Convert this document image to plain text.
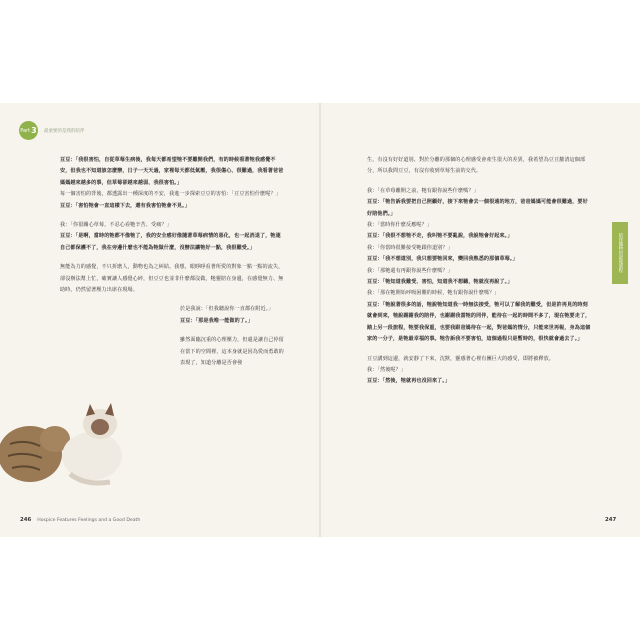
Part 3 最重要的是我的陪伴

豆豆：「我很害怕，自從草莓生病後，我每天都希望牠不要離開我們，有的時候看著牠我感覺不安，但我也不知道該怎麼辦，日子一天天過，家裡每天都低氣壓，我很傷心、很難過，我看著爸爸媽媽越來越多的事，但草莓卻越來越弱、我很害怕。」

每一個害怕的背後，都透露出一種深度的不安，我進一步探索豆豆的害怕：「豆豆害怕什麼呢？」

豆豆：「害怕牠會一直這樣下去，還有我害怕牠會不見。」

我：「你很關心草莓，不忍心看牠辛苦、受痛？」

豆豆：「是啊，當時的牠都不像牠了，我的安全感好像隨著草莓病情的惡化，也一起消退了，牠連自己都保護不了，我在旁邊什麼也不能為牠做什麼，沒辦法讓牠好一點，我很難受。」

無能為力的感覺，不只折磨人，動物也為之糾結。我想，眼睜睜看著所愛的對象一點一點的流失，卻沒辦法幫上忙，確實讓人感覺心碎，但豆豆也並非什麼都沒做，牠靈陪在身邊，在感覺無力、無助時，仍然留著壓力出席在現場。

於是我說：「但我聽說你一直都在附近。」

豆豆：「那是我唯一能做的了。」

雖然面臨沉重的心理壓力，但還是讓自己停留在當下的空間裡，這本身就是因為愛而勇敢的表現了，知道分離是否會發

生，有沒有好好道別、對於分離的那個的心理感受會產生很大的差異，我希望為豆豆釐清這個部分，所以我問豆豆，有沒有收到草莓生前的交代。

我：「在草莓離開之前，牠有跟你說些什麼嗎？」

豆豆：「牠告訴我要把自己照顧好，接下來牠會去一個很遠的地方，爸爸媽媽可能會很難過，要好好陪他們。」

我：「當時你什麼反應呢？」

豆豆：「我很不想牠不走，我叫牠不要亂說，我說牠會好起來。」

我：「你當時很難接受牠跟你道別？」

豆豆：「我不想道別，我只想要牠回來，變回我熟悉的那個草莓。」

我：「那牠還有再跟你說些什麼嗎？」

豆豆：「牠知道我難受、害怕，知道我不想聽，牠就沒再說了。」

我：「那在牠開始呼吸困難的時候，牠有跟你說什麼嗎？」

豆豆：「牠說著很多的話，牠說牠知道我一時無法接受，牠可以了解我的難受，但是許再見的時刻就會到來，牠說謝謝我的陪伴，也謝謝我當牠的同伴，能待在一起的時間不多了，現在牠要走了，踏上另一段旅程，牠要我保重，也要我跟爸媽待在一起，對爸媽的情分，只能來世再報，身為這個家的一分子，是牠最幸福的事。牠告訴我不要害怕，這個過程只是暫時的，很快就會過去了。」

豆豆講到這邊，就安靜了下來，沈默，靈感著心裡有團巨大的感受，即將被釋放。

我：「然後呢？」

豆豆：「然後，牠就再也沒回來了。」

陪伴寵物的最後旅程
246 Hospice Features Feelings and a Good Death	247
